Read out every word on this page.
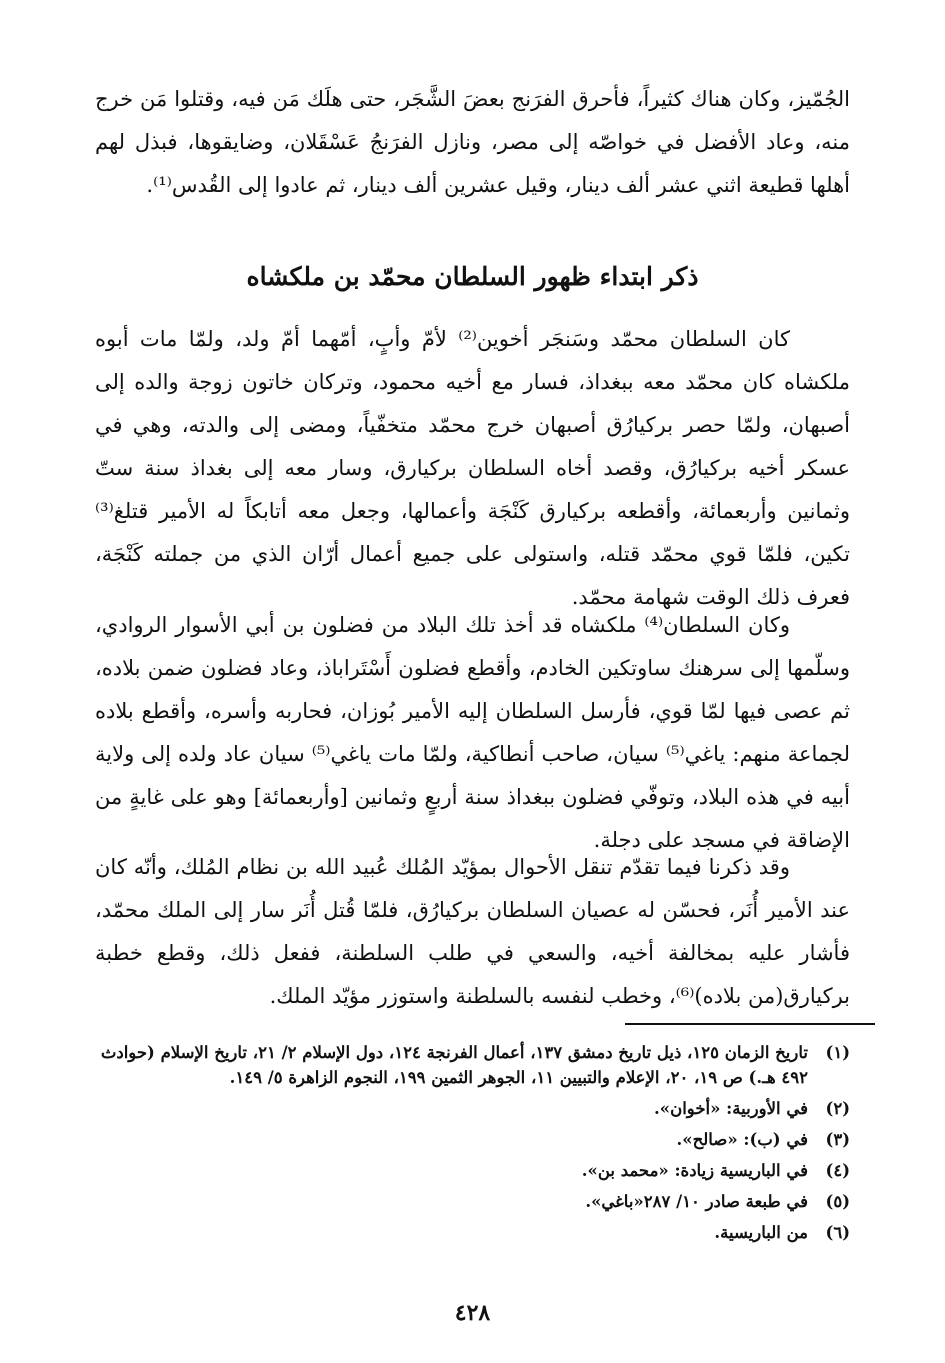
الجُمّيز، وكان هناك كثيراً، فأحرق الفرَنج بعضَ الشَّجَر، حتى هلَك مَن فيه، وقتلوا مَن خرج منه، وعاد الأفضل في خواصّه إلى مصر، ونازل الفرَنجُ عَسْقَلان، وضايقوها، فبذل لهم أهلها قطيعة اثني عشر ألف دينار، وقيل عشرين ألف دينار، ثم عادوا إلى القُدس⁽¹⁾.

ذكر ابتداء ظهور السلطان محمّد بن ملكشاه

كان السلطان محمّد وسَنجَر أخوين⁽²⁾ لأمّ وأبٍ، أمّهما أمّ ولد، ولمّا مات أبوه ملكشاه كان محمّد معه ببغداذ، فسار مع أخيه محمود، وتركان خاتون زوجة والده إلى أصبهان، ولمّا حصر بركيارُق أصبهان خرج محمّد متخفّياً، ومضى إلى والدته، وهي في عسكر أخيه بركيارُق، وقصد أخاه السلطان بركيارق، وسار معه إلى بغداذ سنة ستّ وثمانين وأربعمائة، وأقطعه بركيارق كَنْجَة وأعمالها، وجعل معه أتابكاً له الأمير قتلغ⁽³⁾ تكين، فلمّا قوي محمّد قتله، واستولى على جميع أعمال أرّان الذي من جملته كَنْجَة، فعرف ذلك الوقت شهامة محمّد.

وكان السلطان⁽⁴⁾ ملكشاه قد أخذ تلك البلاد من فضلون بن أبي الأسوار الروادي، وسلّمها إلى سرهنك ساوتكين الخادم، وأقطع فضلون أَسْتَراباذ، وعاد فضلون ضمن بلاده، ثم عصى فيها لمّا قوي، فأرسل السلطان إليه الأمير بُوزان، فحاربه وأسره، وأقطع بلاده لجماعة منهم: ياغي⁽⁵⁾ سيان، صاحب أنطاكية، ولمّا مات ياغي⁽⁵⁾ سيان عاد ولده إلى ولاية أبيه في هذه البلاد، وتوفّي فضلون ببغداذ سنة أربعٍ وثمانين [وأربعمائة] وهو على غايةٍ من الإضاقة في مسجد على دجلة.

وقد ذكرنا فيما تقدّم تنقل الأحوال بمؤيّد المُلك عُبيد الله بن نظام المُلك، وأنّه كان عند الأمير أُنَر، فحسّن له عصيان السلطان بركيارُق، فلمّا قُتل أُنَر سار إلى الملك محمّد، فأشار عليه بمخالفة أخيه، والسعي في طلب السلطنة، ففعل ذلك، وقطع خطبة بركيارق(من بلاده)⁽⁶⁾، وخطب لنفسه بالسلطنة واستوزر مؤيّد الملك.

(١)
تاريخ الزمان ١٢٥، ذيل تاريخ دمشق ١٣٧، أعمال الفرنجة ١٢٤، دول الإسلام ٢/ ٢١، تاريخ الإسلام (حوادث ٤٩٢ هـ.) ص ١٩، ٢٠، الإعلام والتبيين ١١، الجوهر الثمين ١٩٩، النجوم الزاهرة ٥/ ١٤٩.
(٢)
في الأوربية: «أخوان».
(٣)
في (ب): «صالح».
(٤)
في الباريسية زيادة: «محمد بن».
(٥)
في طبعة صادر ١٠/ ٢٨٧«باغي».
(٦)
من الباريسية.
٤٢٨
